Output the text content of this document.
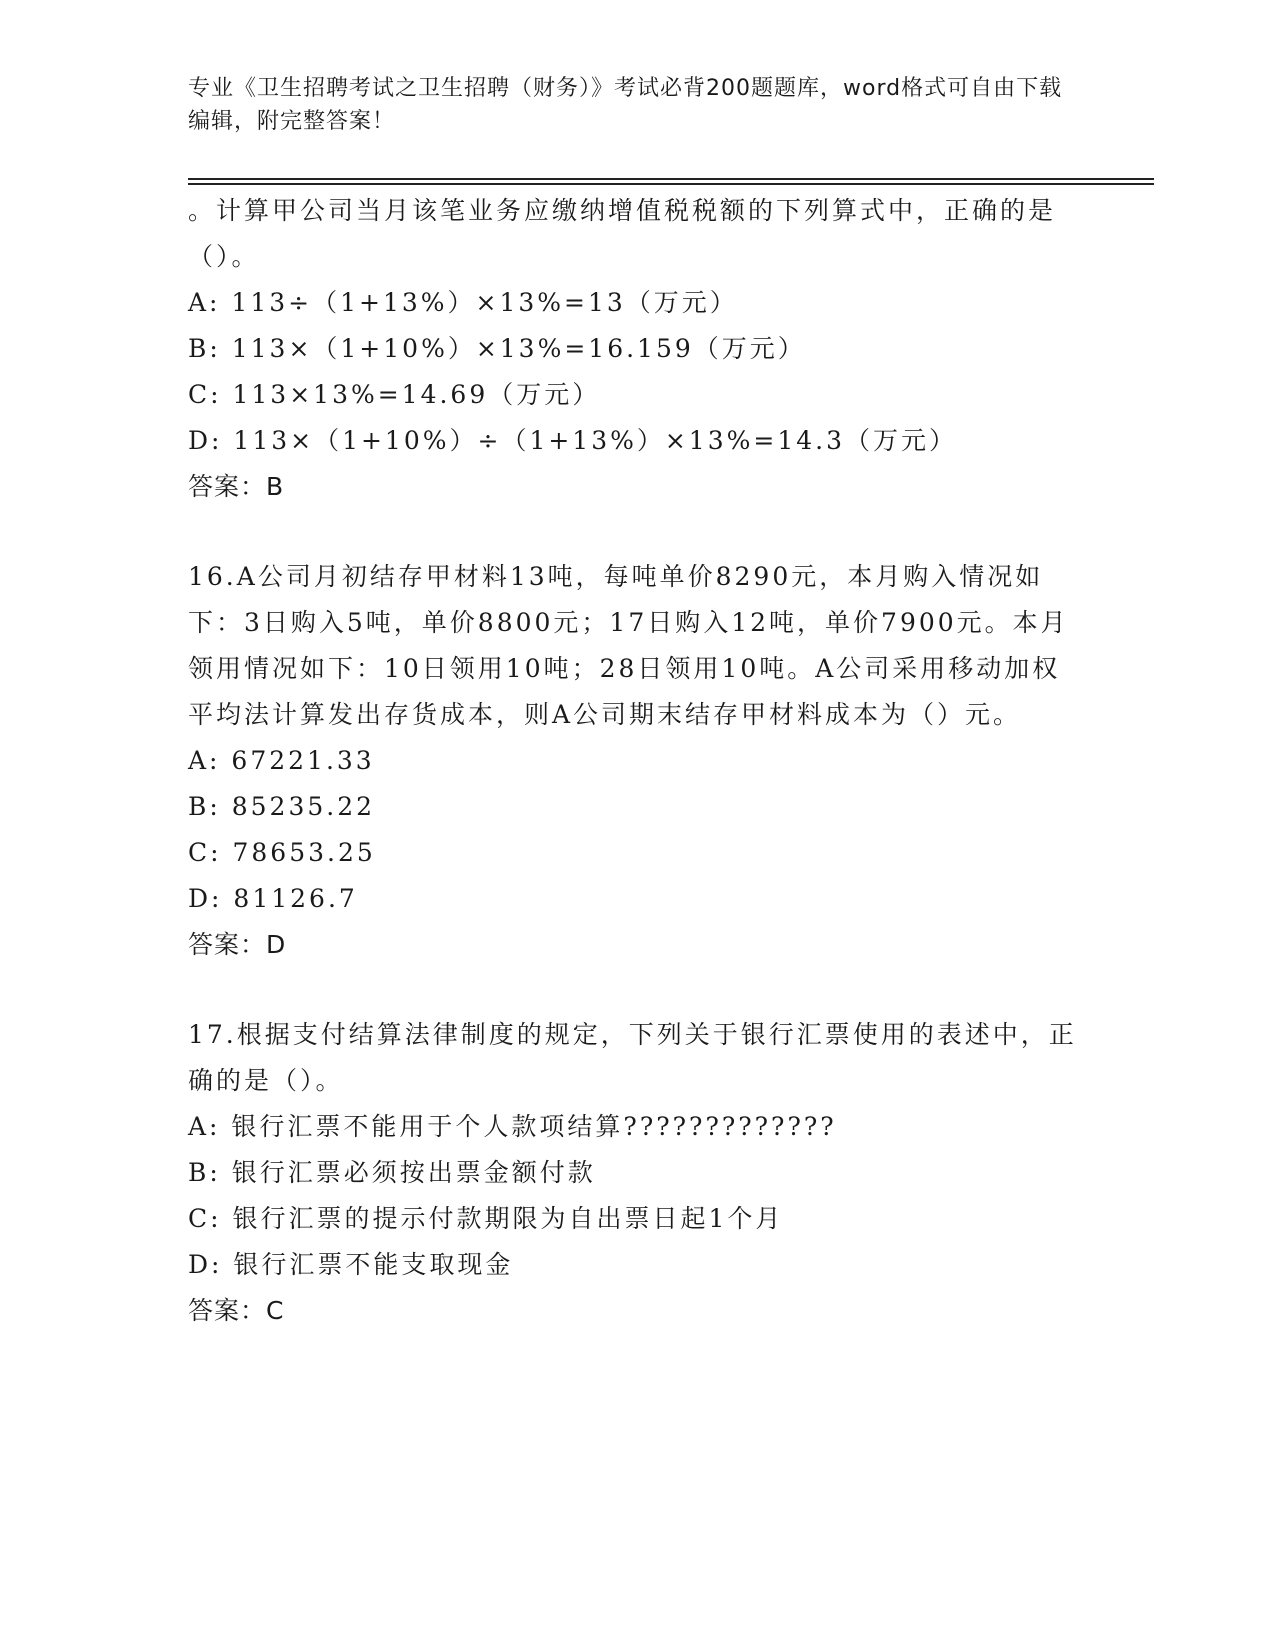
专业《卫生招聘考试之卫生招聘（财务）》考试必背200题题库，word格式可自由下载编辑，附完整答案！

。计算甲公司当月该笔业务应缴纳增值税税额的下列算式中，正确的是（）。

A: 113÷（1+13%）×13%=13（万元）

B: 113×（1+10%）×13%=16.159（万元）

C: 113×13%=14.69（万元）

D: 113×（1+10%）÷（1+13%）×13%=14.3（万元）

答案：B

16.A公司月初结存甲材料13吨，每吨单价8290元，本月购入情况如下：3日购入5吨，单价8800元；17日购入12吨，单价7900元。本月领用情况如下：10日领用10吨；28日领用10吨。A公司采用移动加权平均法计算发出存货成本，则A公司期末结存甲材料成本为（）元。

A: 67221.33

B: 85235.22

C: 78653.25

D: 81126.7

答案：D

17.根据支付结算法律制度的规定，下列关于银行汇票使用的表述中，正确的是（）。

A: 银行汇票不能用于个人款项结算?????????????

B: 银行汇票必须按出票金额付款

C: 银行汇票的提示付款期限为自出票日起1个月

D: 银行汇票不能支取现金

答案：C
